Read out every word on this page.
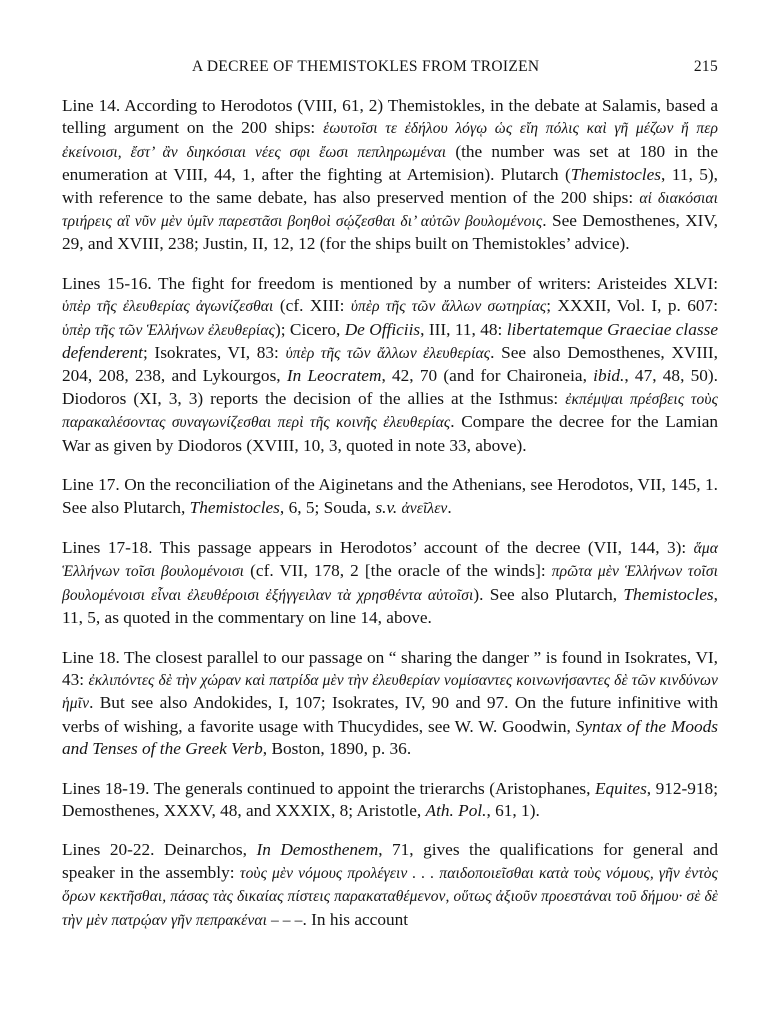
A DECREE OF THEMISTOKLES FROM TROIZEN	215

Line 14. According to Herodotos (VIII, 61, 2) Themistokles, in the debate at Salamis, based a telling argument on the 200 ships: ἑωυτοῖσι τε ἐδήλου λόγῳ ὡς εἴη πόλις καὶ γῆ μέζων ἤ περ ἐκείνοισι, ἔστ’ ἂν διηκόσιαι νέες σφι ἔωσι πεπληρωμέναι (the number was set at 180 in the enumeration at VIII, 44, 1, after the fighting at Artemision). Plutarch (Themistocles, 11, 5), with reference to the same debate, has also preserved mention of the 200 ships: αἱ διακόσιαι τριήρεις αἳ νῦν μὲν ὑμῖν παρεστᾶσι βοηθοὶ σῴζεσθαι δι’ αὐτῶν βουλομένοις. See Demosthenes, XIV, 29, and XVIII, 238; Justin, II, 12, 12 (for the ships built on Themistokles’ advice).

Lines 15-16. The fight for freedom is mentioned by a number of writers: Aristeides XLVI: ὑπὲρ τῆς ἐλευθερίας ἀγωνίζεσθαι (cf. XIII: ὑπὲρ τῆς τῶν ἄλλων σωτηρίας; XXXII, Vol. I, p. 607: ὑπὲρ τῆς τῶν Ἑλλήνων ἐλευθερίας); Cicero, De Officiis, III, 11, 48: libertatemque Graeciae classe defenderent; Isokrates, VI, 83: ὑπὲρ τῆς τῶν ἄλλων ἐλευθερίας. See also Demosthenes, XVIII, 204, 208, 238, and Lykourgos, In Leocratem, 42, 70 (and for Chaironeia, ibid., 47, 48, 50). Diodoros (XI, 3, 3) reports the decision of the allies at the Isthmus: ἐκπέμψαι πρέσβεις τοὺς παρακαλέσοντας συναγωνίζεσθαι περὶ τῆς κοινῆς ἐλευθερίας. Compare the decree for the Lamian War as given by Diodoros (XVIII, 10, 3, quoted in note 33, above).

Line 17. On the reconciliation of the Aiginetans and the Athenians, see Herodotos, VII, 145, 1. See also Plutarch, Themistocles, 6, 5; Souda, s.v. ἀνεῖλεν.

Lines 17-18. This passage appears in Herodotos’ account of the decree (VII, 144, 3): ἅμα Ἑλλήνων τοῖσι βουλομένοισι (cf. VII, 178, 2 [the oracle of the winds]: πρῶτα μὲν Ἑλλήνων τοῖσι βουλομένοισι εἶναι ἐλευθέροισι ἐξήγγειλαν τὰ χρησθέντα αὐτοῖσι). See also Plutarch, Themistocles, 11, 5, as quoted in the commentary on line 14, above.

Line 18. The closest parallel to our passage on “ sharing the danger ” is found in Isokrates, VI, 43: ἐκλιπόντες δὲ τὴν χώραν καὶ πατρίδα μὲν τὴν ἐλευθερίαν νομίσαντες κοινωνήσαντες δὲ τῶν κινδύνων ἡμῖν. But see also Andokides, I, 107; Isokrates, IV, 90 and 97. On the future infinitive with verbs of wishing, a favorite usage with Thucydides, see W. W. Goodwin, Syntax of the Moods and Tenses of the Greek Verb, Boston, 1890, p. 36.

Lines 18-19. The generals continued to appoint the trierarchs (Aristophanes, Equites, 912-918; Demosthenes, XXXV, 48, and XXXIX, 8; Aristotle, Ath. Pol., 61, 1).

Lines 20-22. Deinarchos, In Demosthenem, 71, gives the qualifications for general and speaker in the assembly: τοὺς μὲν νόμους προλέγειν . . . παιδοποιεῖσθαι κατὰ τοὺς νόμους, γῆν ἐντὸς ὅρων κεκτῆσθαι, πάσας τὰς δικαίας πίστεις παρακαταθέμενον, οὕτως ἀξιοῦν προεστάναι τοῦ δήμου· σὲ δὲ τὴν μὲν πατρῴαν γῆν πεπρακέναι – – –. In his account
